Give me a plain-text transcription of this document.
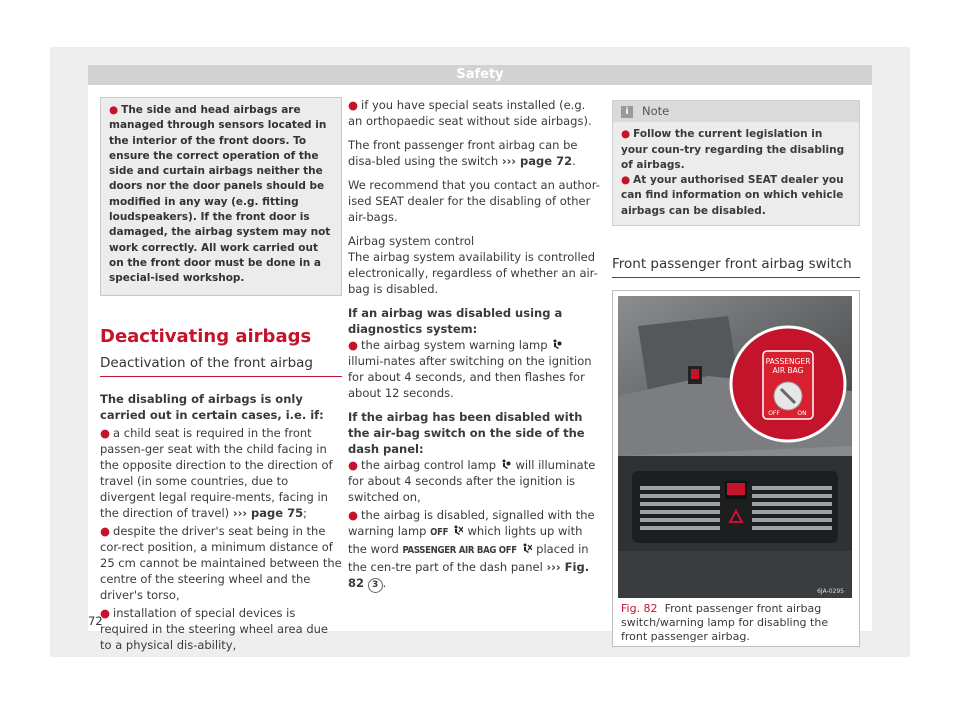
Safety
● The side and head airbags are managed through sensors located in the interior of the front doors. To ensure the correct operation of the side and curtain airbags neither the doors nor the door panels should be modified in any way (e.g. fitting loudspeakers). If the front door is damaged, the airbag system may not work correctly. All work carried out on the front door must be done in a special-ised workshop.
Deactivating airbags
Deactivation of the front airbag

The disabling of airbags is only carried out in certain cases, i.e. if:

● a child seat is required in the front passen-ger seat with the child facing in the opposite direction to the direction of travel (in some countries, due to divergent legal require-ments, facing in the direction of travel) ››› page 75;

● despite the driver's seat being in the cor-rect position, a minimum distance of 25 cm cannot be maintained between the centre of the steering wheel and the driver's torso,

● installation of special devices is required in the steering wheel area due to a physical dis-ability,

● if you have special seats installed (e.g. an orthopaedic seat without side airbags).

The front passenger front airbag can be disa-bled using the switch ››› page 72.

We recommend that you contact an author-ised SEAT dealer for the disabling of other air-bags.

Airbag system control

The airbag system availability is controlled electronically, regardless of whether an air-bag is disabled.

If an airbag was disabled using a diagnostics system:

● the airbag system warning lamp  illumi-nates after switching on the ignition for about 4 seconds, and then flashes for about 12 seconds.

If the airbag has been disabled with the air-bag switch on the side of the dash panel:

● the airbag control lamp will illuminate for about 4 seconds after the ignition is switched on,

● the airbag is disabled, signalled with the warning lamp OFF which lights up with the word PASSENGER AIR BAG OFF placed in the cen-tre part of the dash panel ››› Fig. 82 3 .

i	Note

● Follow the current legislation in your coun-try regarding the disabling of airbags.

● At your authorised SEAT dealer you can find information on which vehicle airbags can be disabled.

Front passenger front airbag switch
PASSENGER
AIR BAG
OFF	ON
6JA-0295
Fig. 82 Front passenger front airbag switch/warning lamp for disabling the front passenger airbag.
72
